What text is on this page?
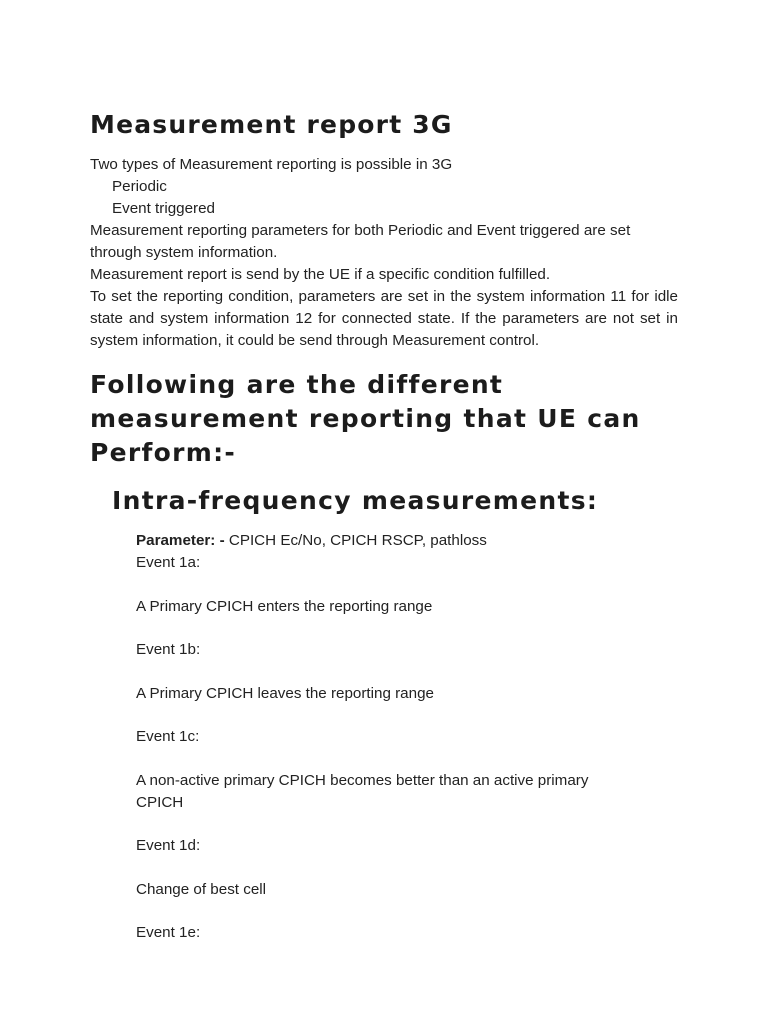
Measurement report 3G

Two types of Measurement reporting is possible in 3G

Periodic

Event triggered

Measurement reporting parameters for both Periodic and Event triggered are set through system information.

Measurement report is send by the UE if a specific condition fulfilled.

To set the reporting condition, parameters are set in the system information 11 for idle state and system information 12 for connected state. If the parameters are not set in system information, it could be send through Measurement control.

Following are the different measurement reporting that UE can Perform:-
Intra-frequency measurements:

Parameter: - CPICH Ec/No, CPICH RSCP, pathloss

Event 1a:

A Primary CPICH enters the reporting range

Event 1b:

A Primary CPICH leaves the reporting range

Event 1c:

A non-active primary CPICH becomes better than an active primary CPICH

Event 1d:

Change of best cell

Event 1e:
